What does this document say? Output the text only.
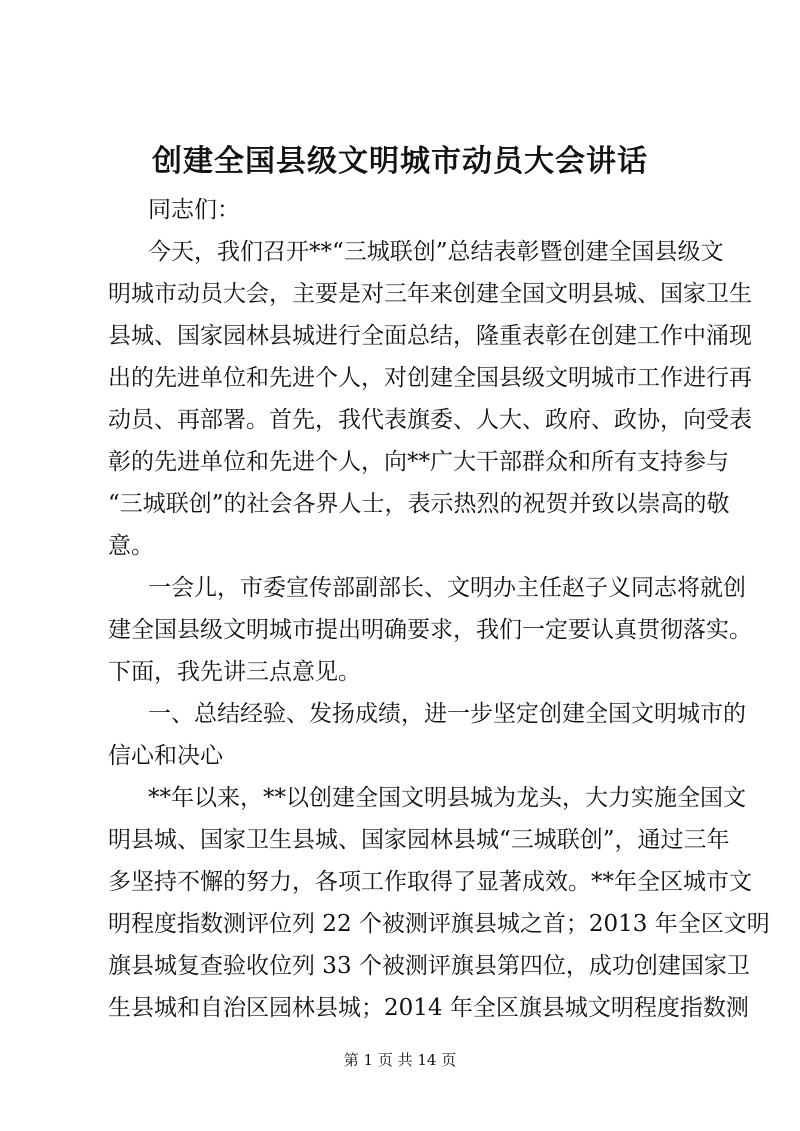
创建全国县级文明城市动员大会讲话
同志们：
今天，我们召开**“三城联创”总结表彰暨创建全国县级文
明城市动员大会，主要是对三年来创建全国文明县城、国家卫生
县城、国家园林县城进行全面总结，隆重表彰在创建工作中涌现
出的先进单位和先进个人，对创建全国县级文明城市工作进行再
动员、再部署。首先，我代表旗委、人大、政府、政协，向受表
彰的先进单位和先进个人，向**广大干部群众和所有支持参与
“三城联创”的社会各界人士，表示热烈的祝贺并致以崇高的敬
意。
一会儿，市委宣传部副部长、文明办主任赵子义同志将就创
建全国县级文明城市提出明确要求，我们一定要认真贯彻落实。
下面，我先讲三点意见。
一、总结经验、发扬成绩，进一步坚定创建全国文明城市的
信心和决心
**年以来，**以创建全国文明县城为龙头，大力实施全国文
明县城、国家卫生县城、国家园林县城“三城联创”，通过三年
多坚持不懈的努力，各项工作取得了显著成效。**年全区城市文
明程度指数测评位列 22 个被测评旗县城之首；2013 年全区文明
旗县城复查验收位列 33 个被测评旗县第四位，成功创建国家卫
生县城和自治区园林县城；2014 年全区旗县城文明程度指数测
第 1 页 共 14 页
